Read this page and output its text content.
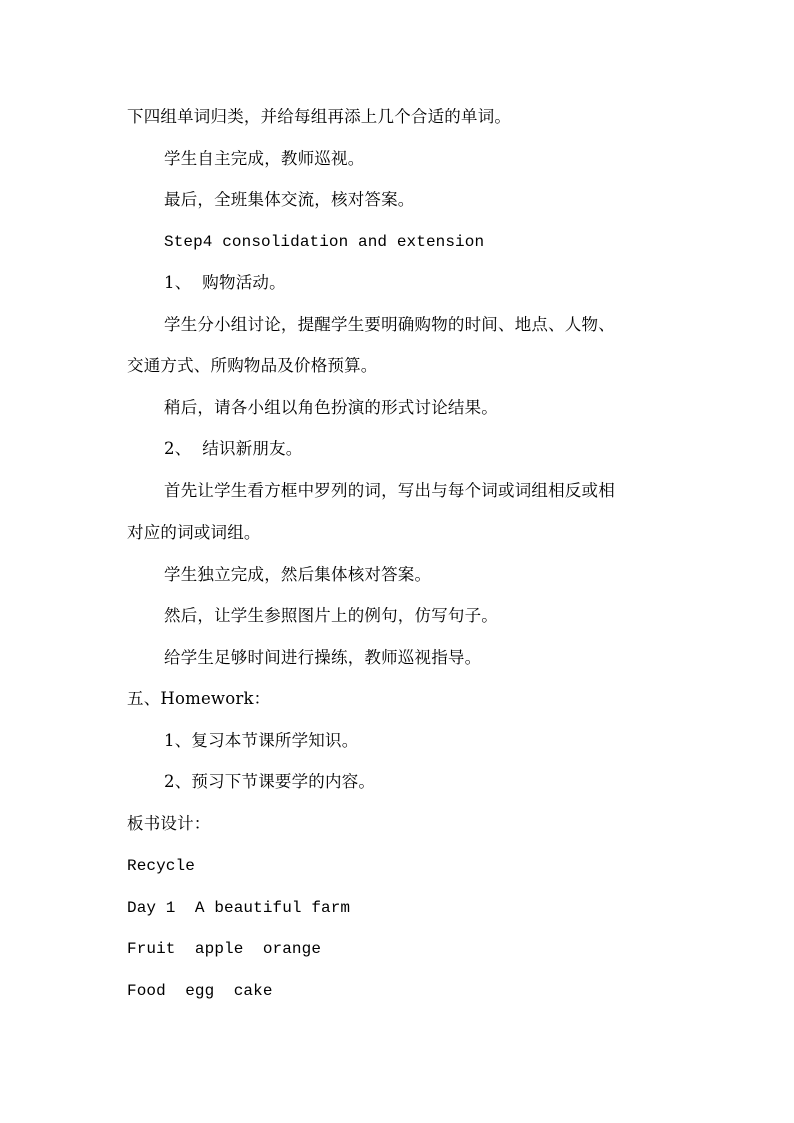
下四组单词归类，并给每组再添上几个合适的单词。
学生自主完成，教师巡视。
最后，全班集体交流，核对答案。
Step4 consolidation and extension
1、  购物活动。
学生分小组讨论，提醒学生要明确购物的时间、地点、人物、
交通方式、所购物品及价格预算。
稍后，请各小组以角色扮演的形式讨论结果。
2、  结识新朋友。
首先让学生看方框中罗列的词，写出与每个词或词组相反或相
对应的词或词组。
学生独立完成，然后集体核对答案。
然后，让学生参照图片上的例句，仿写句子。
给学生足够时间进行操练，教师巡视指导。
五、Homework：
1、复习本节课所学知识。
2、预习下节课要学的内容。
板书设计：
Recycle
Day 1  A beautiful farm
Fruit  apple  orange
Food  egg  cake
